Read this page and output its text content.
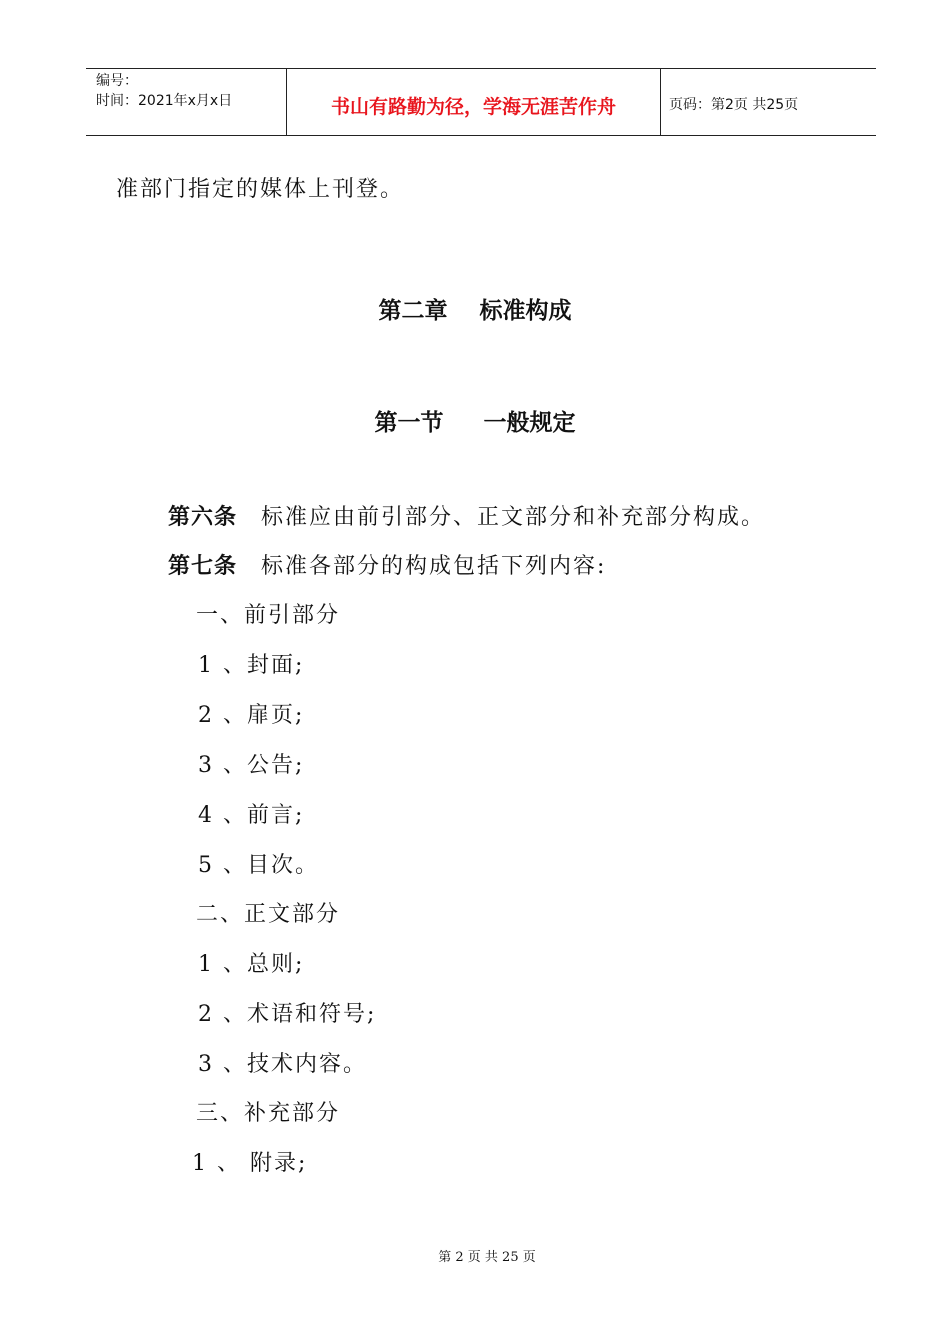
编号：
时间：2021年x月x日	书山有路勤为径，学海无涯苦作舟	页码：第2页 共25页
准部门指定的媒体上刊登。
第二章    标准构成
第一节     一般规定
第六条 标准应由前引部分、正文部分和补充部分构成。
第七条 标准各部分的构成包括下列内容:
一、前引部分
1 、封面;
2 、扉页;
3 、公告;
4 、前言;
5 、目次。
二、正文部分
1 、总则;
2 、术语和符号;
3 、技术内容。
三、补充部分
1 、 附录;
第 2 页 共 25 页
